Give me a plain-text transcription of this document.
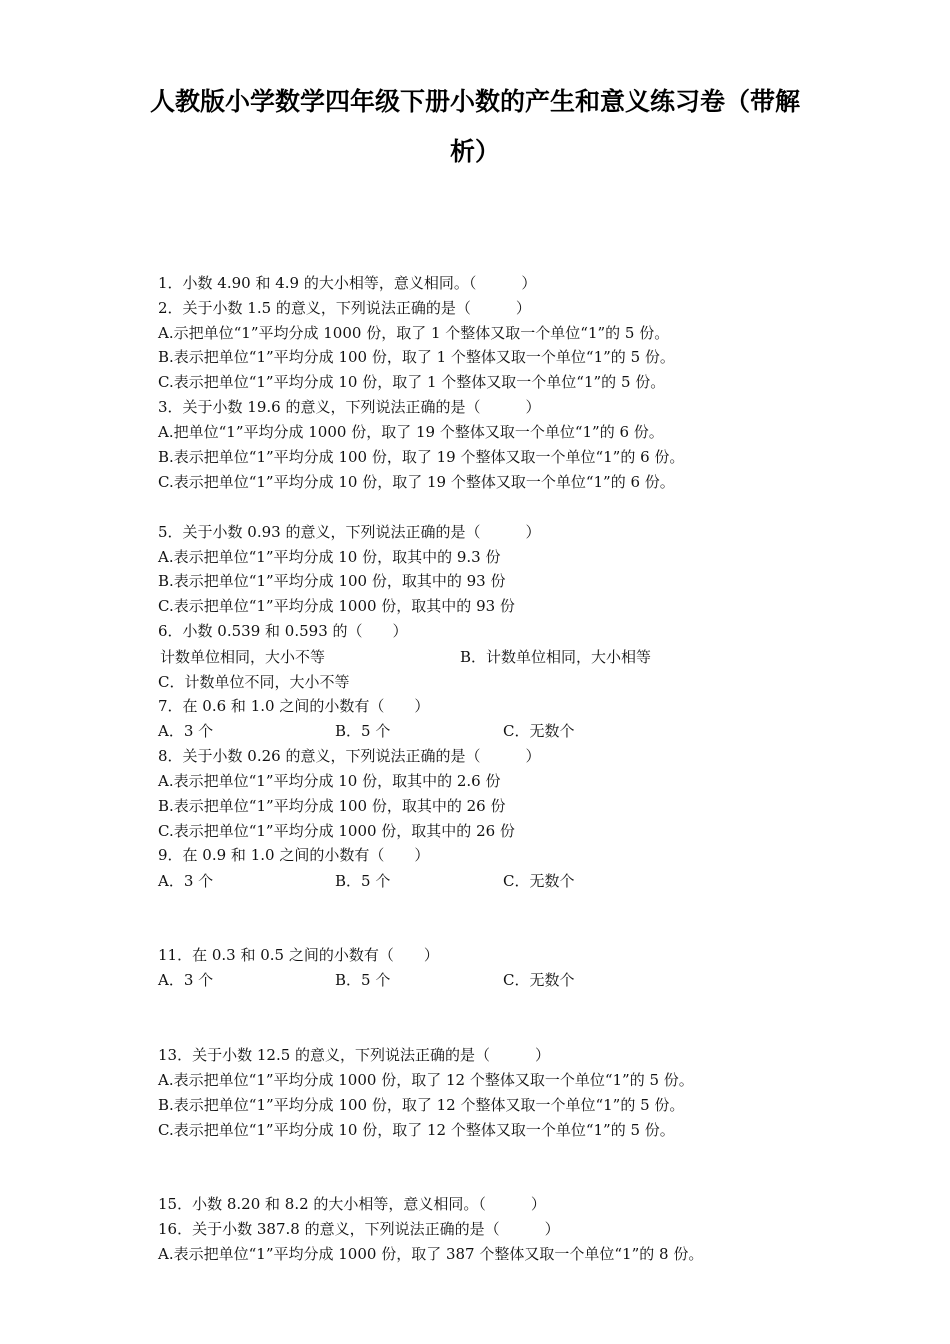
人教版小学数学四年级下册小数的产生和意义练习卷（带解
析）
1．小数 4.90 和 4.9 的大小相等，意义相同。（　　　）
2．关于小数 1.5 的意义，下列说法正确的是（　　　）
A.示把单位“1”平均分成 1000 份，取了 1 个整体又取一个单位“1”的 5 份。
B.表示把单位“1”平均分成 100 份，取了 1 个整体又取一个单位“1”的 5 份。
C.表示把单位“1”平均分成 10 份，取了 1 个整体又取一个单位“1”的 5 份。
3．关于小数 19.6 的意义，下列说法正确的是（　　　）
A.把单位“1”平均分成 1000 份，取了 19 个整体又取一个单位“1”的 6 份。
B.表示把单位“1”平均分成 100 份，取了 19 个整体又取一个单位“1”的 6 份。
C.表示把单位“1”平均分成 10 份，取了 19 个整体又取一个单位“1”的 6 份。
5．关于小数 0.93 的意义，下列说法正确的是（　　　）
A.表示把单位“1”平均分成 10 份，取其中的 9.3 份
B.表示把单位“1”平均分成 100 份，取其中的 93 份
C.表示把单位“1”平均分成 1000 份，取其中的 93 份
6．小数 0.539 和 0.593 的（　　）
计数单位相同，大小不等	B．计数单位相同，大小相等
C．计数单位不同，大小不等
7．在 0.6 和 1.0 之间的小数有（　　）
A．3 个	B．5 个	C．无数个
8．关于小数 0.26 的意义，下列说法正确的是（　　　）
A.表示把单位“1”平均分成 10 份，取其中的 2.6 份
B.表示把单位“1”平均分成 100 份，取其中的 26 份
C.表示把单位“1”平均分成 1000 份，取其中的 26 份
9．在 0.9 和 1.0 之间的小数有（　　）
A．3 个	B．5 个	C．无数个
11．在 0.3 和 0.5 之间的小数有（　　）
A．3 个	B．5 个	C．无数个
13．关于小数 12.5 的意义，下列说法正确的是（　　　）
A.表示把单位“1”平均分成 1000 份，取了 12 个整体又取一个单位“1”的 5 份。
B.表示把单位“1”平均分成 100 份，取了 12 个整体又取一个单位“1”的 5 份。
C.表示把单位“1”平均分成 10 份，取了 12 个整体又取一个单位“1”的 5 份。
15．小数 8.20 和 8.2 的大小相等，意义相同。（　　　）
16．关于小数 387.8 的意义，下列说法正确的是（　　　）
A.表示把单位“1”平均分成 1000 份，取了 387 个整体又取一个单位“1”的 8 份。
